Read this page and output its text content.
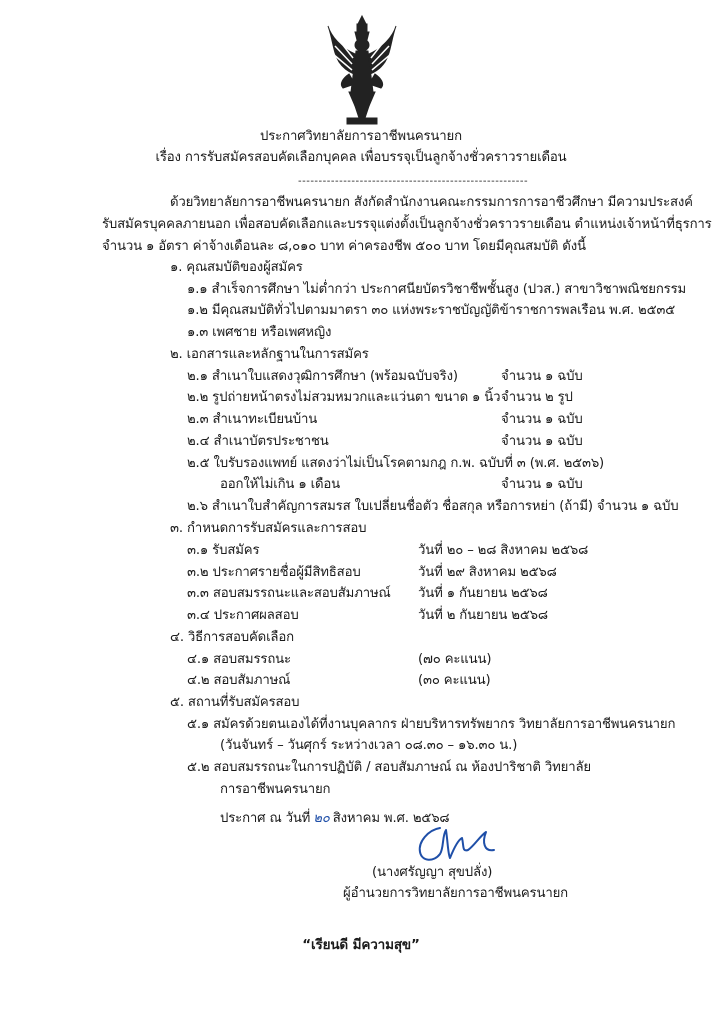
ประกาศวิทยาลัยการอาชีพนครนายก
เรื่อง การรับสมัครสอบคัดเลือกบุคคล เพื่อบรรจุเป็นลูกจ้างชั่วคราวรายเดือน
--------------------------------------------------------
ด้วยวิทยาลัยการอาชีพนครนายก สังกัดสำนักงานคณะกรรมการการอาชีวศึกษา มีความประสงค์
รับสมัครบุคคลภายนอก เพื่อสอบคัดเลือกและบรรจุแต่งตั้งเป็นลูกจ้างชั่วคราวรายเดือน ตำแหน่งเจ้าหน้าที่ธุรการ
จำนวน ๑ อัตรา ค่าจ้างเดือนละ ๘,๐๑๐ บาท ค่าครองชีพ ๕๐๐ บาท โดยมีคุณสมบัติ ดังนี้
๑. คุณสมบัติของผู้สมัคร
๑.๑ สำเร็จการศึกษา ไม่ต่ำกว่า ประกาศนียบัตรวิชาชีพชั้นสูง (ปวส.) สาขาวิชาพณิชยกรรม
๑.๒ มีคุณสมบัติทั่วไปตามมาตรา ๓๐ แห่งพระราชบัญญัติข้าราชการพลเรือน พ.ศ. ๒๕๓๕
๑.๓ เพศชาย หรือเพศหญิง
๒. เอกสารและหลักฐานในการสมัคร
๒.๑ สำเนาใบแสดงวุฒิการศึกษา (พร้อมฉบับจริง)	จำนวน ๑ ฉบับ
๒.๒ รูปถ่ายหน้าตรงไม่สวมหมวกและแว่นตา ขนาด ๑ นิ้ว จำนวน ๒ รูป
๒.๓ สำเนาทะเบียนบ้าน	จำนวน ๑ ฉบับ
๒.๔ สำเนาบัตรประชาชน	จำนวน ๑ ฉบับ
๒.๕ ใบรับรองแพทย์ แสดงว่าไม่เป็นโรคตามกฎ ก.พ. ฉบับที่ ๓ (พ.ศ. ๒๕๓๖)
ออกให้ไม่เกิน ๑ เดือน	จำนวน ๑ ฉบับ
๒.๖ สำเนาใบสำคัญการสมรส ใบเปลี่ยนชื่อตัว ชื่อสกุล หรือการหย่า (ถ้ามี) จำนวน ๑ ฉบับ
๓. กำหนดการรับสมัครและการสอบ
๓.๑ รับสมัคร	วันที่ ๒๐ – ๒๘ สิงหาคม ๒๕๖๘
๓.๒ ประกาศรายชื่อผู้มีสิทธิสอบ	วันที่ ๒๙ สิงหาคม ๒๕๖๘
๓.๓ สอบสมรรถนะและสอบสัมภาษณ์ วันที่ ๑ กันยายน ๒๕๖๘
๓.๔ ประกาศผลสอบ	วันที่ ๒ กันยายน ๒๕๖๘
๔. วิธีการสอบคัดเลือก
๔.๑ สอบสมรรถนะ	(๗๐ คะแนน)
๔.๒ สอบสัมภาษณ์	(๓๐ คะแนน)
๕. สถานที่รับสมัครสอบ
๕.๑ สมัครด้วยตนเองได้ที่งานบุคลากร ฝ่ายบริหารทรัพยากร วิทยาลัยการอาชีพนครนายก
(วันจันทร์ – วันศุกร์ ระหว่างเวลา ๐๘.๓๐ – ๑๖.๓๐ น.)
๕.๒ สอบสมรรถนะในการปฏิบัติ / สอบสัมภาษณ์ ณ ห้องปาริชาติ วิทยาลัย
การอาชีพนครนายก
ประกาศ ณ วันที่ ๒๐ สิงหาคม พ.ศ. ๒๕๖๘
(นางศรัญญา สุขปลั่ง)
ผู้อำนวยการวิทยาลัยการอาชีพนครนายก
“เรียนดี มีความสุข”
